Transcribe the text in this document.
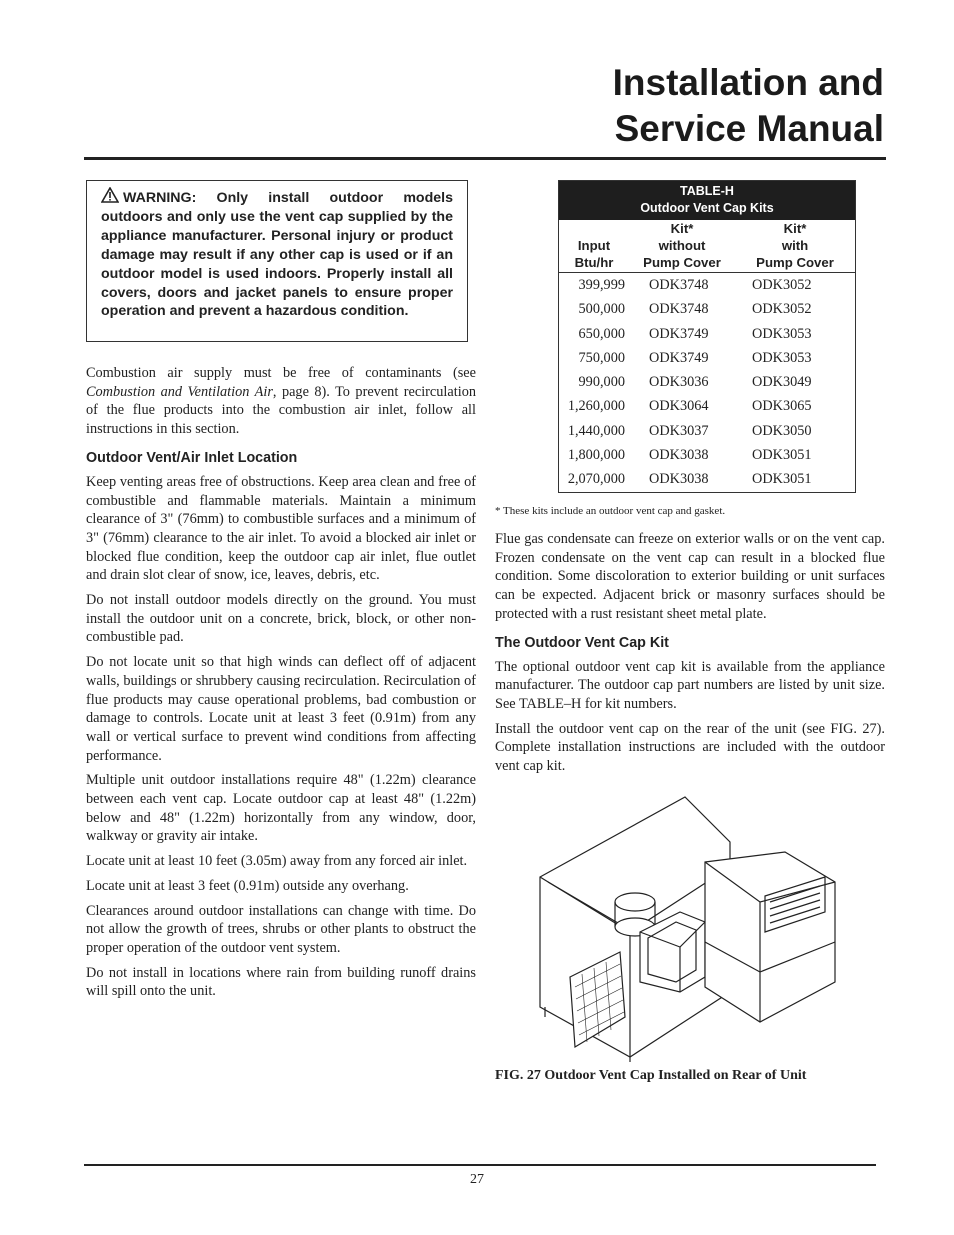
Installation and
Service Manual
WARNING: Only install outdoor models outdoors and only use the vent cap supplied by the appliance manufacturer. Personal injury or product damage may result if any other cap is used or if an outdoor model is used indoors. Properly install all covers, doors and jacket panels to ensure proper operation and prevent a hazardous condition.

Combustion air supply must be free of contaminants (see Combustion and Ventilation Air, page 8). To prevent recirculation of the flue products into the combustion air inlet, follow all instructions in this section.

Outdoor Vent/Air Inlet Location

Keep venting areas free of obstructions. Keep area clean and free of combustible and flammable materials. Maintain a minimum clearance of 3" (76mm) to combustible surfaces and a minimum of 3" (76mm) clearance to the air inlet. To avoid a blocked air inlet or blocked flue condition, keep the outdoor cap air inlet, flue outlet and drain slot clear of snow, ice, leaves, debris, etc.

Do not install outdoor models directly on the ground. You must install the outdoor unit on a concrete, brick, block, or other non-combustible pad.

Do not locate unit so that high winds can deflect off of adjacent walls, buildings or shrubbery causing recirculation. Recirculation of flue products may cause operational problems, bad combustion or damage to controls. Locate unit at least 3 feet (0.91m) from any wall or vertical surface to prevent wind conditions from affecting performance.

Multiple unit outdoor installations require 48" (1.22m) clearance between each vent cap. Locate outdoor cap at least 48" (1.22m) below and 48" (1.22m) horizontally from any window, door, walkway or gravity air intake.

Locate unit at least 10 feet (3.05m) away from any forced air inlet.

Locate unit at least 3 feet (0.91m) outside any overhang.

Clearances around outdoor installations can change with time. Do not allow the growth of trees, shrubs or other plants to obstruct the proper operation of the outdoor vent system.

Do not install in locations where rain from building runoff drains will spill onto the unit.

TABLE-H
Outdoor Vent Cap Kits
Input
Btu/hr
Kit*
without
Pump Cover
Kit*
with
Pump Cover
399,999	ODK3748	ODK3052
500,000	ODK3748	ODK3052
650,000	ODK3749	ODK3053
750,000	ODK3749	ODK3053
990,000	ODK3036	ODK3049
1,260,000	ODK3064	ODK3065
1,440,000	ODK3037	ODK3050
1,800,000	ODK3038	ODK3051
2,070,000	ODK3038	ODK3051
* These kits include an outdoor vent cap and gasket.

Flue gas condensate can freeze on exterior walls or on the vent cap. Frozen condensate on the vent cap can result in a blocked flue condition. Some discoloration to exterior building or unit surfaces can be expected. Adjacent brick or masonry surfaces should be protected with a rust resistant sheet metal plate.

The Outdoor Vent Cap Kit

The optional outdoor vent cap kit is available from the appliance manufacturer. The outdoor cap part numbers are listed by unit size. See TABLE–H for kit numbers.

Install the outdoor vent cap on the rear of the unit (see FIG. 27). Complete installation instructions are included with the outdoor vent cap kit.

FIG. 27 Outdoor Vent Cap Installed on Rear of Unit
27
